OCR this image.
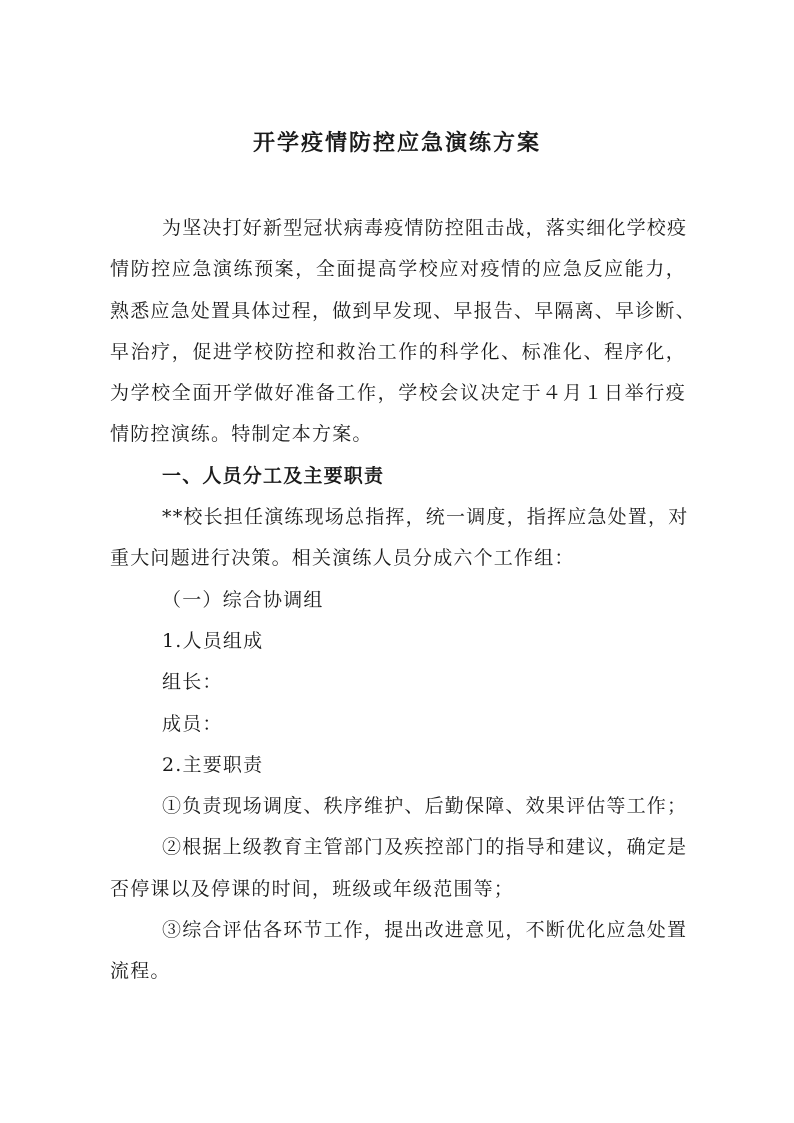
开学疫情防控应急演练方案
为坚决打好新型冠状病毒疫情防控阻击战，落实细化学校疫
情防控应急演练预案，全面提高学校应对疫情的应急反应能力，
熟悉应急处置具体过程，做到早发现、早报告、早隔离、早诊断、
早治疗，促进学校防控和救治工作的科学化、标准化、程序化，
为学校全面开学做好准备工作，学校会议决定于４月１日举行疫
情防控演练。特制定本方案。
一、人员分工及主要职责
**校长担任演练现场总指挥，统一调度，指挥应急处置，对
重大问题进行决策。相关演练人员分成六个工作组：
（一）综合协调组
1.人员组成
组长：
成员：
2.主要职责
①负责现场调度、秩序维护、后勤保障、效果评估等工作；
②根据上级教育主管部门及疾控部门的指导和建议，确定是
否停课以及停课的时间，班级或年级范围等；
③综合评估各环节工作，提出改进意见，不断优化应急处置
流程。
